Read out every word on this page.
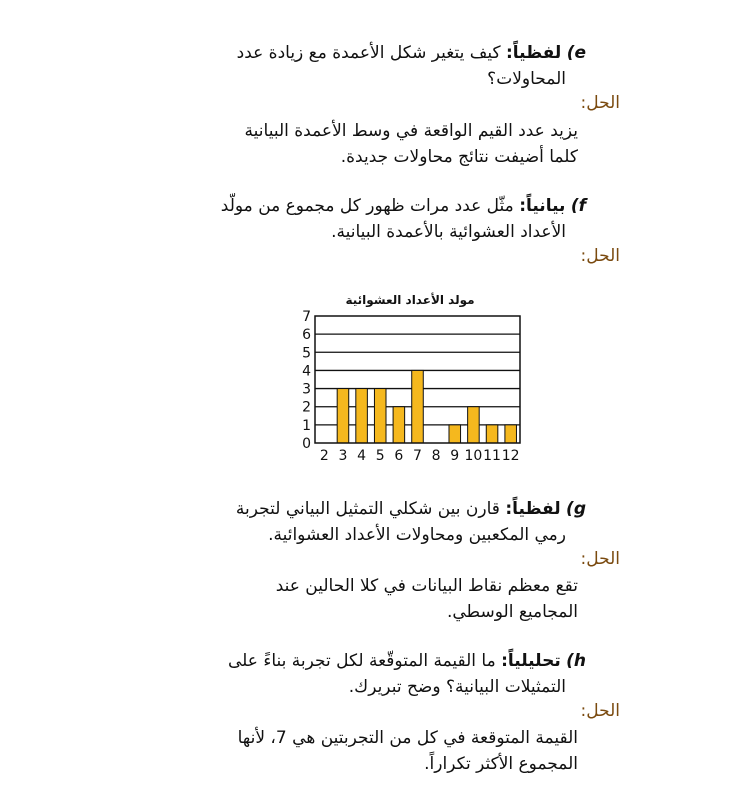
e) لفظياً: كيف يتغير شكل الأعمدة مع زيادة عدد
المحاولات؟
الحل:
يزيد عدد القيم الواقعة في وسط الأعمدة البيانية
كلما أضيفت نتائج محاولات جديدة.
f) بيانياً: مثّل عدد مرات ظهور كل مجموع من مولّد
الأعداد العشوائية بالأعمدة البيانية.
الحل:
مولد الأعداد العشوائية
0
1
2
3
4
5
6
7
2 3 4 5 6 7 8 9 10 11 12
g) لفظياً: قارن بين شكلي التمثيل البياني لتجربة
رمي المكعبين ومحاولات الأعداد العشوائية.
الحل:
تقع معظم نقاط البيانات في كلا الحالين عند
المجاميع الوسطي.
h) تحليلياً: ما القيمة المتوقّعة لكل تجربة بناءً على
التمثيلات البيانية؟ وضح تبريرك.
الحل:
القيمة المتوقعة في كل من التجربتين هي 7، لأنها
المجموع الأكثر تكراراً.
